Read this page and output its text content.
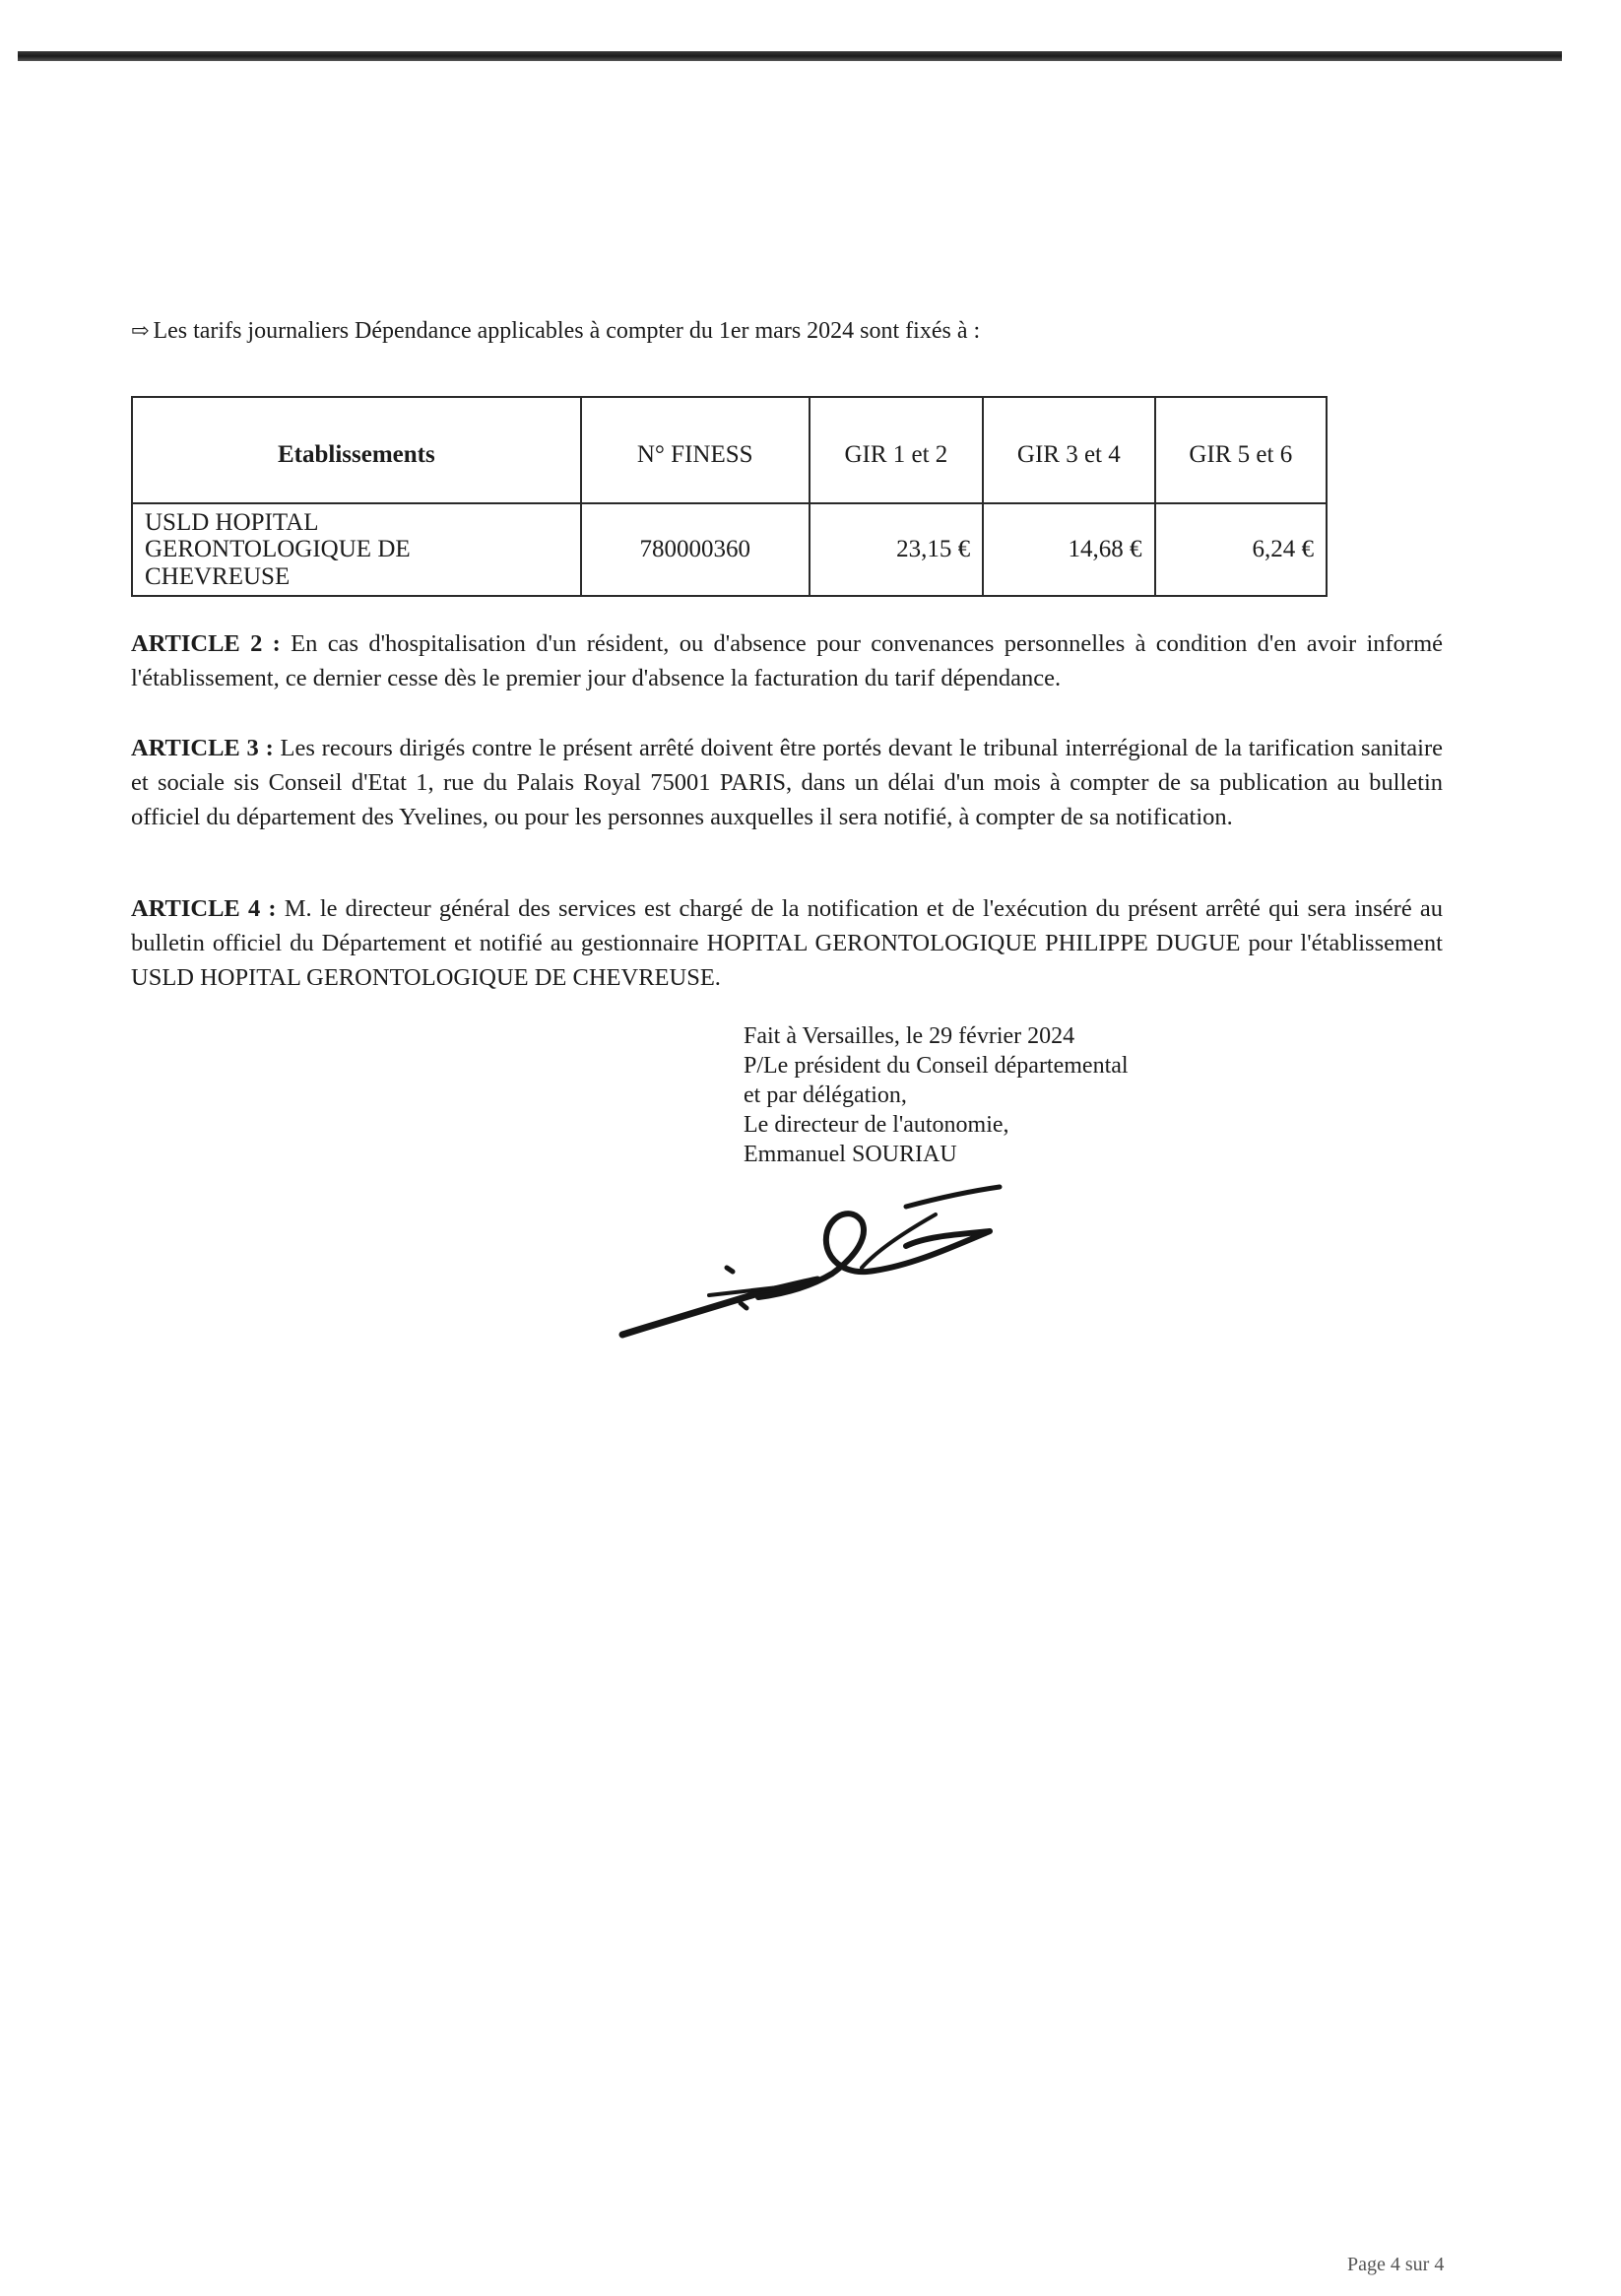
⇨ Les tarifs journaliers Dépendance applicables à compter du 1er mars 2024 sont fixés à :
Etablissements	N° FINESS	GIR 1 et 2	GIR 3 et 4	GIR 5 et 6

USLD HOPITAL
GERONTOLOGIQUE DE
CHEVREUSE	780000360	23,15 €	14,68 €	6,24 €
ARTICLE 2 : En cas d'hospitalisation d'un résident, ou d'absence pour convenances personnelles à condition d'en avoir informé l'établissement, ce dernier cesse dès le premier jour d'absence la facturation du tarif dépendance.
ARTICLE 3 : Les recours dirigés contre le présent arrêté doivent être portés devant le tribunal interrégional de la tarification sanitaire et sociale sis Conseil d'Etat 1, rue du Palais Royal 75001 PARIS, dans un délai d'un mois à compter de sa publication au bulletin officiel du département des Yvelines, ou pour les personnes auxquelles il sera notifié, à compter de sa notification.
ARTICLE 4 : M. le directeur général des services est chargé de la notification et de l'exécution du présent arrêté qui sera inséré au bulletin officiel du Département et notifié au gestionnaire HOPITAL GERONTOLOGIQUE PHILIPPE DUGUE pour l'établissement USLD HOPITAL GERONTOLOGIQUE DE CHEVREUSE.
Fait à Versailles, le 29 février 2024
P/Le président du Conseil départemental
et par délégation,
Le directeur de l'autonomie,
Emmanuel SOURIAU
Page 4 sur 4
